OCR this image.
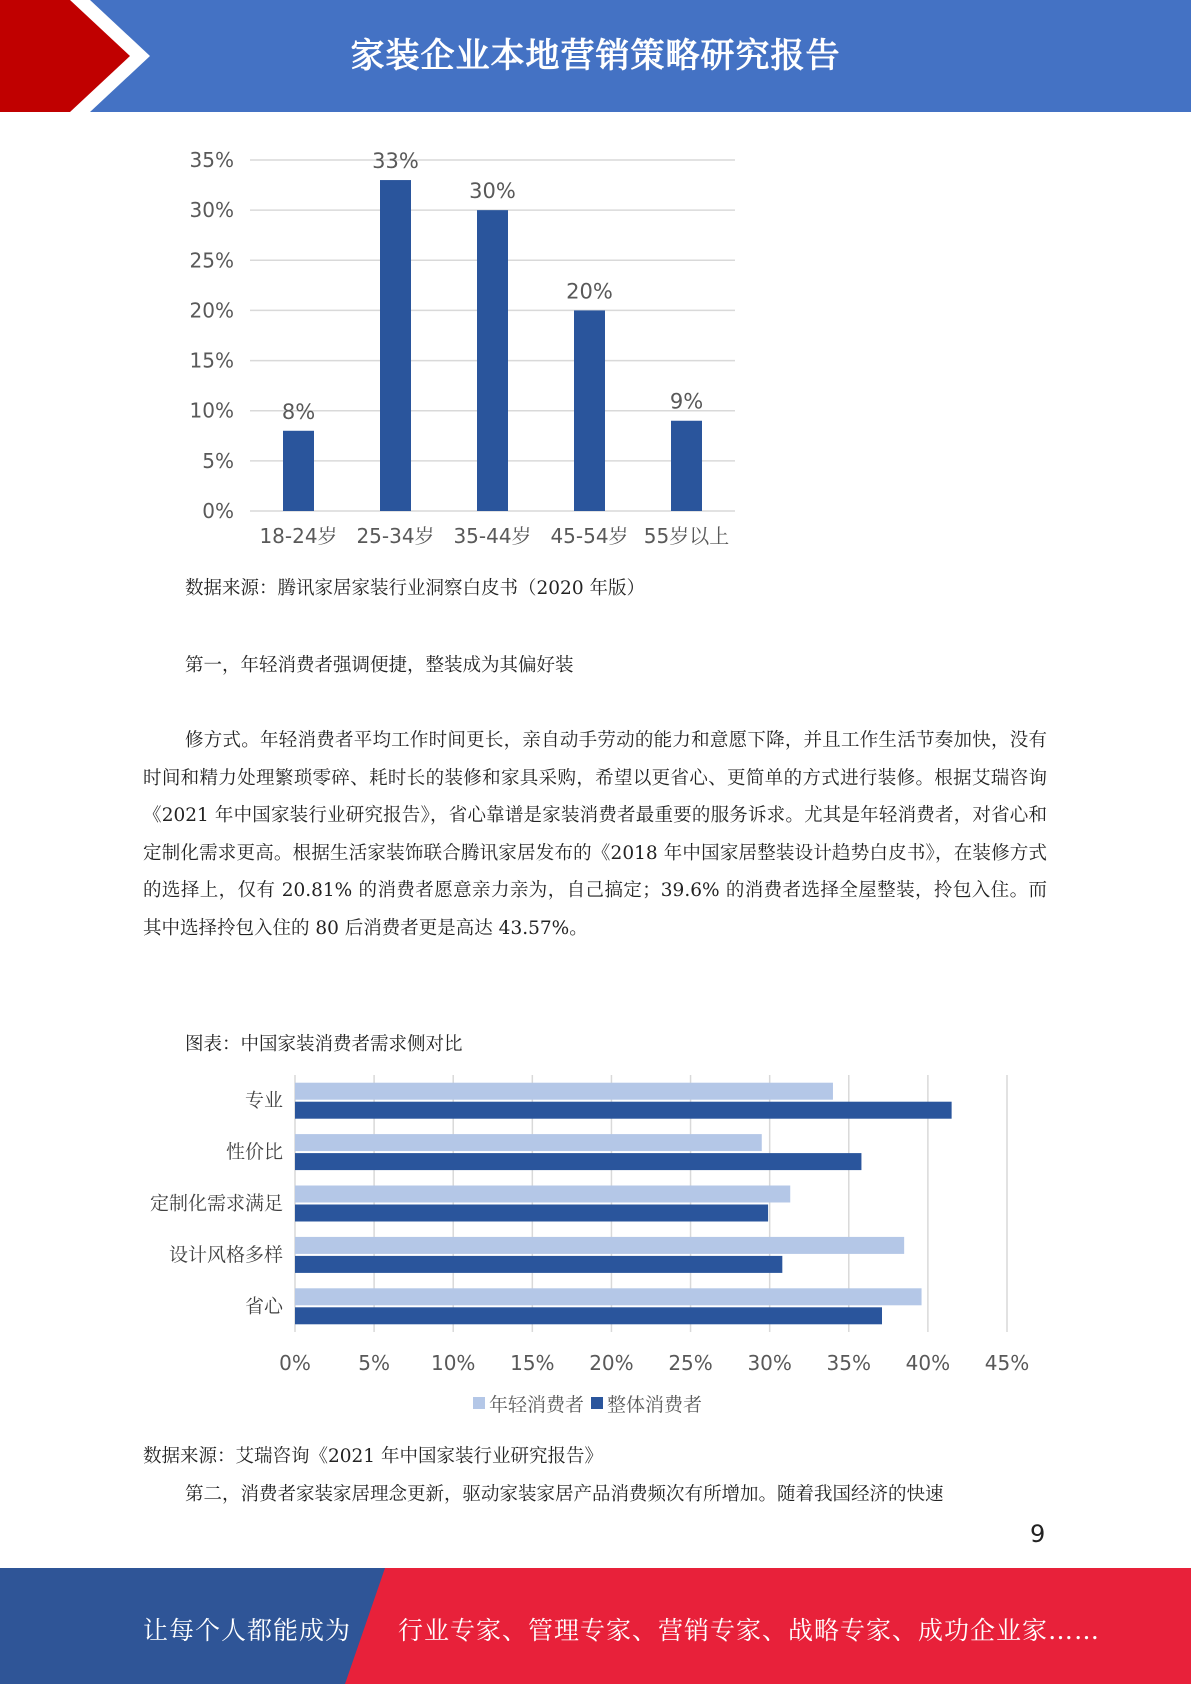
家装企业本地营销策略研究报告
0%
5%
10%
15%
20%
25%
30%
35%
8%
18-24岁
33%
25-34岁
30%
35-44岁
20%
45-54岁
9%
55岁以上

数据来源：腾讯家居家装行业洞察白皮书（2020 年版）

第一，年轻消费者强调便捷，整装成为其偏好装

修方式。年轻消费者平均工作时间更长，亲自动手劳动的能力和意愿下降，并且工作生活节奏加快，没有时间和精力处理繁琐零碎、耗时长的装修和家具采购，希望以更省心、更简单的方式进行装修。根据艾瑞咨询《2021 年中国家装行业研究报告》，省心靠谱是家装消费者最重要的服务诉求。尤其是年轻消费者，对省心和定制化需求更高。根据生活家装饰联合腾讯家居发布的《2018 年中国家居整装设计趋势白皮书》，在装修方式的选择上，仅有 20.81% 的消费者愿意亲力亲为，自己搞定；39.6% 的消费者选择全屋整装，拎包入住。而其中选择拎包入住的 80 后消费者更是高达 43.57%。

图表：中国家装消费者需求侧对比

0% 5% 10% 15% 20% 25% 30% 35% 40% 45%
专业
性价比
定制化需求满足
设计风格多样
省心
年轻消费者 整体消费者

数据来源：艾瑞咨询《2021 年中国家装行业研究报告》

第二，消费者家装家居理念更新，驱动家装家居产品消费频次有所增加。随着我国经济的快速

9
让每个人都能成为 行业专家、管理专家、营销专家、战略专家、成功企业家……
